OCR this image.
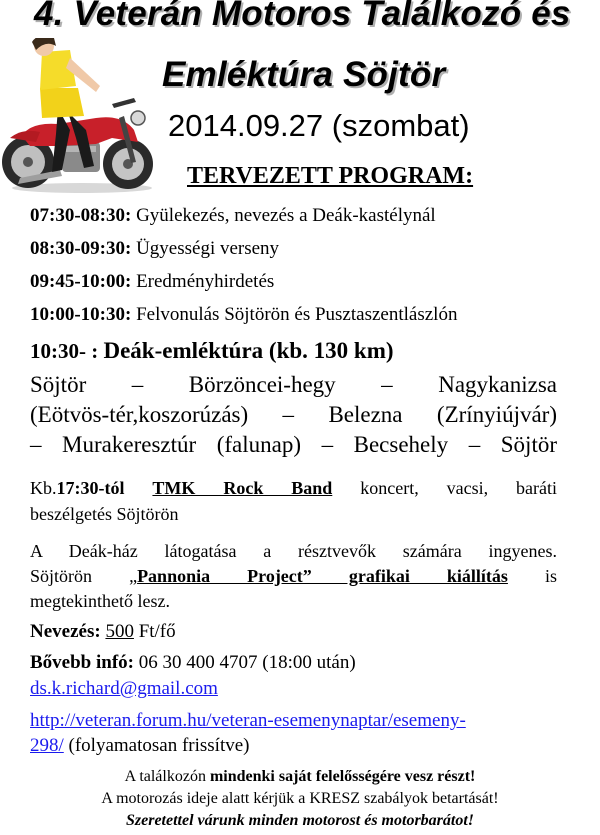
4. Veterán Motoros Találkozó és
Emléktúra Söjtör
2014.09.27 (szombat)
TERVEZETT PROGRAM:
07:30-08:30: Gyülekezés, nevezés a Deák-kastélynál
08:30-09:30: Ügyességi verseny
09:45-10:00: Eredményhirdetés
10:00-10:30: Felvonulás Söjtörön és Pusztaszentlászlón
10:30- : Deák-emléktúra (kb. 130 km)
Söjtör – Börzöncei-hegy – Nagykanizsa
(Eötvös-tér,koszorúzás) – Belezna (Zrínyiújvár)
– Murakeresztúr (falunap) – Becsehely – Söjtör
Kb.17:30-tól TMK Rock Band koncert, vacsi, baráti
beszélgetés Söjtörön
A Deák-ház látogatása a résztvevők számára ingyenes.
Söjtörön „Pannonia Project” grafikai kiállítás is
megtekinthető lesz.
Nevezés: 500 Ft/fő
Bővebb infó: 06 30 400 4707 (18:00 után)
ds.k.richard@gmail.com
http://veteran.forum.hu/veteran-esemenynaptar/esemeny-
298/ (folyamatosan frissítve)
A találkozón mindenki saját felelősségére vesz részt!
A motorozás ideje alatt kérjük a KRESZ szabályok betartását!
Szeretettel várunk minden motorost és motorbarátot!
